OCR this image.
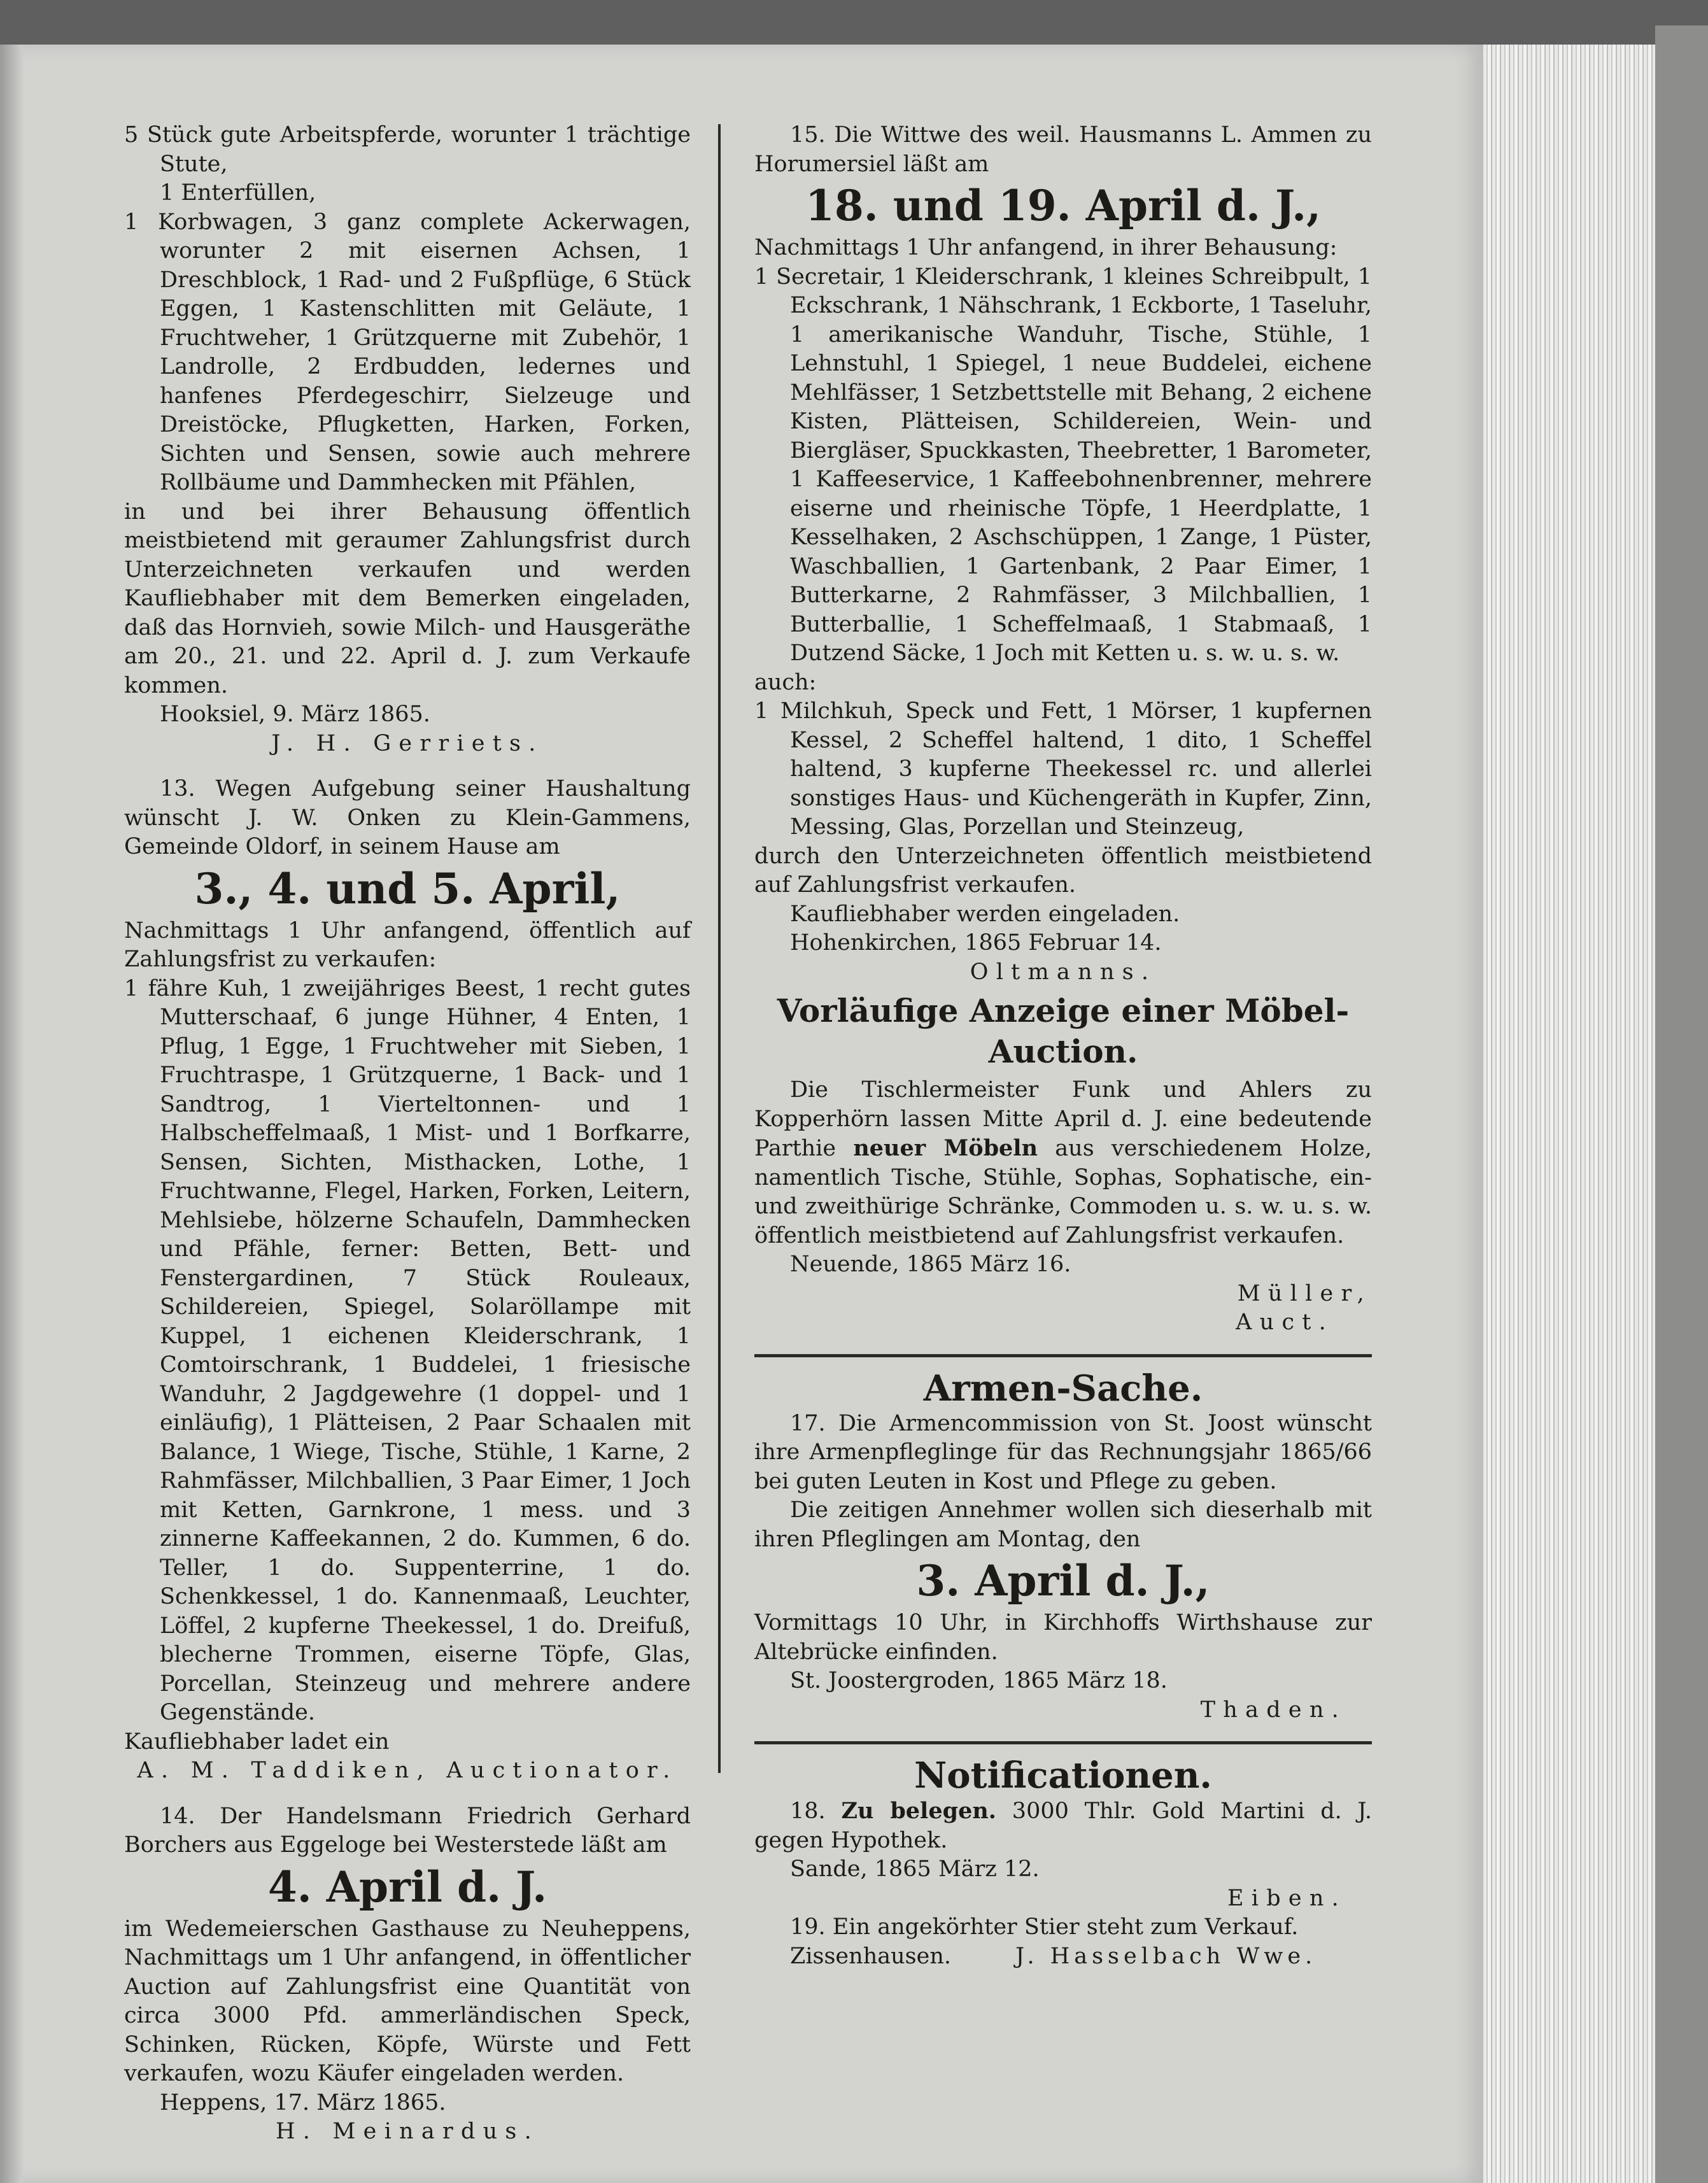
5 Stück gute Arbeitspferde, worunter 1 trächtige Stute,

1 Enterfüllen,

1 Korbwagen, 3 ganz complete Ackerwagen, worunter 2 mit eisernen Achsen, 1 Dreschblock, 1 Rad- und 2 Fußpflüge, 6 Stück Eggen, 1 Kastenschlitten mit Geläute, 1 Fruchtweher, 1 Grützquerne mit Zubehör, 1 Landrolle, 2 Erdbudden, ledernes und hanfenes Pferdegeschirr, Sielzeuge und Dreistöcke, Pflugketten, Harken, Forken, Sichten und Sensen, sowie auch mehrere Rollbäume und Dammhecken mit Pfählen,

in und bei ihrer Behausung öffentlich meistbietend mit geraumer Zahlungsfrist durch Unterzeichneten verkaufen und werden Kaufliebhaber mit dem Bemerken eingeladen, daß das Hornvieh, sowie Milch- und Hausgeräthe am 20., 21. und 22. April d. J. zum Verkaufe kommen.

Hooksiel, 9. März 1865.

J. H. Gerriets.

13. Wegen Aufgebung seiner Haushaltung wünscht J. W. Onken zu Klein-Gammens, Gemeinde Oldorf, in seinem Hause am

3., 4. und 5. April,

Nachmittags 1 Uhr anfangend, öffentlich auf Zahlungsfrist zu verkaufen:

1 fähre Kuh, 1 zweijähriges Beest, 1 recht gutes Mutterschaaf, 6 junge Hühner, 4 Enten, 1 Pflug, 1 Egge, 1 Fruchtweher mit Sieben, 1 Fruchtraspe, 1 Grützquerne, 1 Back- und 1 Sandtrog, 1 Vierteltonnen- und 1 Halbscheffelmaaß, 1 Mist- und 1 Borfkarre, Sensen, Sichten, Misthacken, Lothe, 1 Fruchtwanne, Flegel, Harken, Forken, Leitern, Mehlsiebe, hölzerne Schaufeln, Dammhecken und Pfähle, ferner: Betten, Bett- und Fenstergardinen, 7 Stück Rouleaux, Schildereien, Spiegel, Solaröllampe mit Kuppel, 1 eichenen Kleiderschrank, 1 Comtoirschrank, 1 Buddelei, 1 friesische Wanduhr, 2 Jagdgewehre (1 doppel- und 1 einläufig), 1 Plätteisen, 2 Paar Schaalen mit Balance, 1 Wiege, Tische, Stühle, 1 Karne, 2 Rahmfässer, Milchballien, 3 Paar Eimer, 1 Joch mit Ketten, Garnkrone, 1 mess. und 3 zinnerne Kaffeekannen, 2 do. Kummen, 6 do. Teller, 1 do. Suppenterrine, 1 do. Schenkkessel, 1 do. Kannenmaaß, Leuchter, Löffel, 2 kupferne Theekessel, 1 do. Dreifuß, blecherne Trommen, eiserne Töpfe, Glas, Porcellan, Steinzeug und mehrere andere Gegenstände.

Kaufliebhaber ladet ein

A. M. Taddiken, Auctionator.

14. Der Handelsmann Friedrich Gerhard Borchers aus Eggeloge bei Westerstede läßt am

4. April d. J.

im Wedemeierschen Gasthause zu Neuheppens, Nachmittags um 1 Uhr anfangend, in öffentlicher Auction auf Zahlungsfrist eine Quantität von circa 3000 Pfd. ammerländischen Speck, Schinken, Rücken, Köpfe, Würste und Fett verkaufen, wozu Käufer eingeladen werden.

Heppens, 17. März 1865.

H. Meinardus.

15. Die Wittwe des weil. Hausmanns L. Ammen zu Horumersiel läßt am

18. und 19. April d. J.,

Nachmittags 1 Uhr anfangend, in ihrer Behausung:

1 Secretair, 1 Kleiderschrank, 1 kleines Schreibpult, 1 Eckschrank, 1 Nähschrank, 1 Eckborte, 1 Taseluhr, 1 amerikanische Wanduhr, Tische, Stühle, 1 Lehnstuhl, 1 Spiegel, 1 neue Buddelei, eichene Mehlfässer, 1 Setzbettstelle mit Behang, 2 eichene Kisten, Plätteisen, Schildereien, Wein- und Biergläser, Spuckkasten, Theebretter, 1 Barometer, 1 Kaffeeservice, 1 Kaffeebohnenbrenner, mehrere eiserne und rheinische Töpfe, 1 Heerdplatte, 1 Kesselhaken, 2 Aschschüppen, 1 Zange, 1 Püster, Waschballien, 1 Gartenbank, 2 Paar Eimer, 1 Butterkarne, 2 Rahmfässer, 3 Milchballien, 1 Butterballie, 1 Scheffelmaaß, 1 Stabmaaß, 1 Dutzend Säcke, 1 Joch mit Ketten u. s. w. u. s. w.

auch:

1 Milchkuh, Speck und Fett, 1 Mörser, 1 kupfernen Kessel, 2 Scheffel haltend, 1 dito, 1 Scheffel haltend, 3 kupferne Theekessel rc. und allerlei sonstiges Haus- und Küchengeräth in Kupfer, Zinn, Messing, Glas, Porzellan und Steinzeug,

durch den Unterzeichneten öffentlich meistbietend auf Zahlungsfrist verkaufen.

Kaufliebhaber werden eingeladen.

Hohenkirchen, 1865 Februar 14.

Oltmanns.

Vorläufige Anzeige einer Möbel-
Auction.

Die Tischlermeister Funk und Ahlers zu Kopperhörn lassen Mitte April d. J. eine bedeutende Parthie neuer Möbeln aus verschiedenem Holze, namentlich Tische, Stühle, Sophas, Sophatische, ein- und zweithürige Schränke, Commoden u. s. w. u. s. w. öffentlich meistbietend auf Zahlungsfrist verkaufen.

Neuende, 1865 März 16.

Müller,

Auct.

Armen-Sache.

17. Die Armencommission von St. Joost wünscht ihre Armenpfleglinge für das Rechnungsjahr 1865/66 bei guten Leuten in Kost und Pflege zu geben.

Die zeitigen Annehmer wollen sich dieserhalb mit ihren Pfleglingen am Montag, den

3. April d. J.,

Vormittags 10 Uhr, in Kirchhoffs Wirthshause zur Altebrücke einfinden.

St. Joostergroden, 1865 März 18.

Thaden.

Notificationen.

18. Zu belegen. 3000 Thlr. Gold Martini d. J. gegen Hypothek.

Sande, 1865 März 12.

Eiben.

19. Ein angekörhter Stier steht zum Verkauf.

Zissenhausen.	J. Hasselbach Wwe.
